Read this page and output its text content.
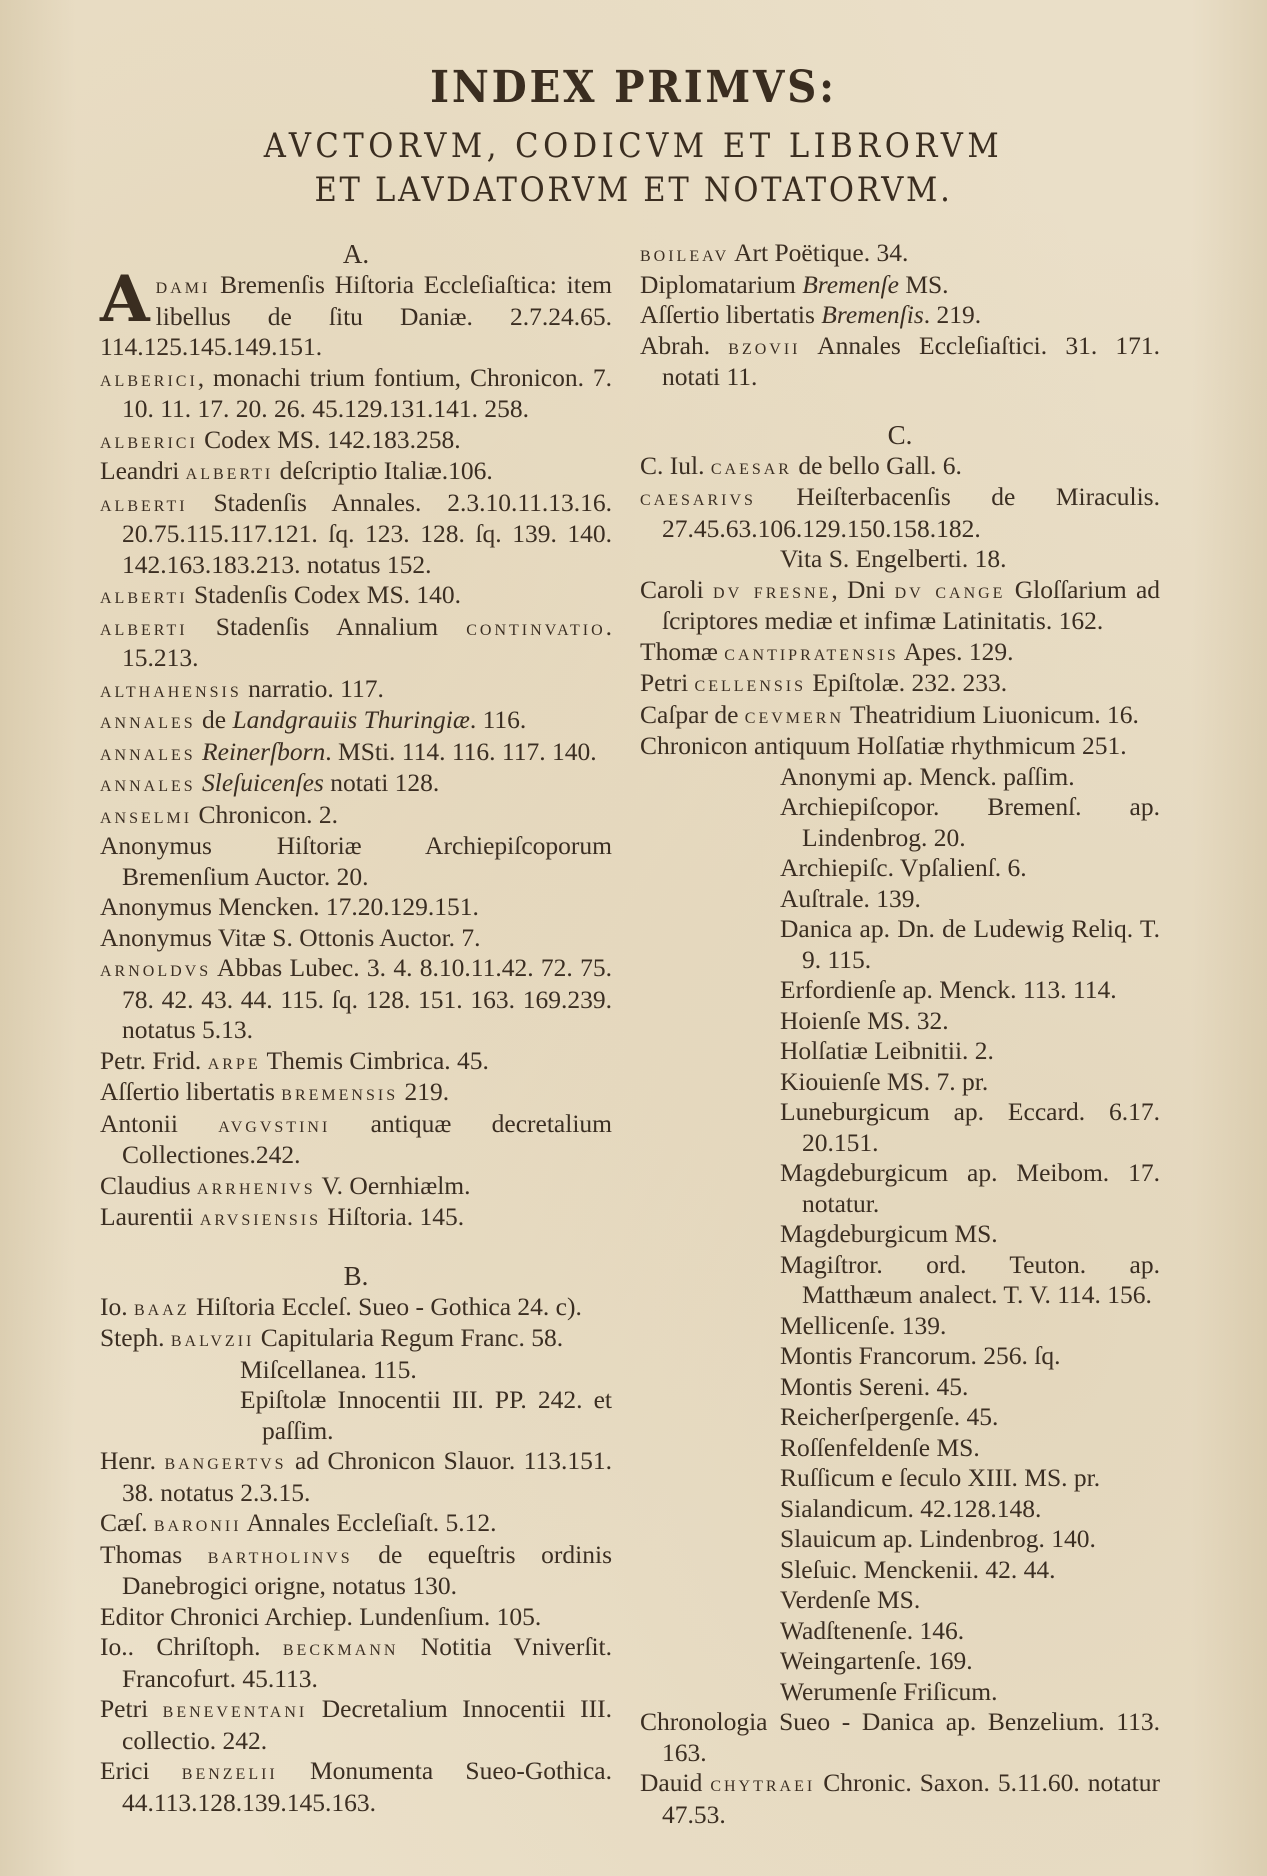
INDEX PRIMVS:
AVCTORVM, CODICVM ET LIBRORVM
ET LAVDATORVM ET NOTATORVM.
A.
Adami Bremenſis Hiſtoria Eccleſiaſtica: item libellus de ſitu Daniæ. 2.7.24.65. 114.125.145.149.151.
alberici, monachi trium fontium, Chronicon. 7. 10. 11. 17. 20. 26. 45.129.131.141. 258.
alberici Codex MS. 142.183.258.
Leandri alberti deſcriptio Italiæ.106.
alberti Stadenſis Annales. 2.3.10.11.13.16. 20.75.115.117.121. ſq. 123. 128. ſq. 139. 140. 142.163.183.213. notatus 152.
alberti Stadenſis Codex MS. 140.
alberti Stadenſis Annalium continvatio. 15.213.
althahensis narratio. 117.
annales de Landgrauiis Thuringiæ. 116.
annales Reinerſborn. MSti. 114. 116. 117. 140.
annales Sleſuicenſes notati 128.
anselmi Chronicon. 2.
Anonymus Hiſtoriæ Archiepiſcoporum Bremenſium Auctor. 20.
Anonymus Mencken. 17.20.129.151.
Anonymus Vitæ S. Ottonis Auctor. 7.
arnoldvs Abbas Lubec. 3. 4. 8.10.11.42. 72. 75. 78. 42. 43. 44. 115. ſq. 128. 151. 163. 169.239. notatus 5.13.
Petr. Frid. arpe Themis Cimbrica. 45.
Aſſertio libertatis bremensis 219.
Antonii avgvstini antiquæ decretalium Collectiones.242.
Claudius arrhenivs V. Oernhiælm.
Laurentii arvsiensis Hiſtoria. 145.
B.
Io. baaz Hiſtoria Eccleſ. Sueo - Gothica 24. c).
Steph. balvzii Capitularia Regum Franc. 58.
Miſcellanea. 115.
Epiſtolæ Innocentii III. PP. 242. et paſſim.
Henr. bangertvs ad Chronicon Slauor. 113.151. 38. notatus 2.3.15.
Cæſ. baronii Annales Eccleſiaſt. 5.12.
Thomas bartholinvs de equeſtris ordinis Danebrogici origne, notatus 130.
Editor Chronici Archiep. Lundenſium. 105.
Io.. Chriſtoph. beckmann Notitia Vniverſit. Francofurt. 45.113.
Petri beneventani Decretalium Innocentii III. collectio. 242.
Erici benzelii Monumenta Sueo-Gothica. 44.113.128.139.145.163.
boileav Art Poëtique. 34.
Diplomatarium Bremenſe MS.
Aſſertio libertatis Bremenſis. 219.
Abrah. bzovii Annales Eccleſiaſtici. 31. 171. notati 11.
C.
C. Iul. caesar de bello Gall. 6.
caesarivs Heiſterbacenſis de Miraculis. 27.45.63.106.129.150.158.182.
Vita S. Engelberti. 18.
Caroli dv fresne, Dni dv cange Gloſſarium ad ſcriptores mediæ et infimæ Latinitatis. 162.
Thomæ cantipratensis Apes. 129.
Petri cellensis Epiſtolæ. 232. 233.
Caſpar de cevmern Theatridium Liuonicum. 16.
Chronicon antiquum Holſatiæ rhythmicum 251.
Anonymi ap. Menck. paſſim.
Archiepiſcopor. Bremenſ. ap. Lindenbrog. 20.
Archiepiſc. Vpſalienſ. 6.
Auſtrale. 139.
Danica ap. Dn. de Ludewig Reliq. T. 9. 115.
Erfordienſe ap. Menck. 113. 114.
Hoienſe MS. 32.
Holſatiæ Leibnitii. 2.
Kiouienſe MS. 7. pr.
Luneburgicum ap. Eccard. 6.17. 20.151.
Magdeburgicum ap. Meibom. 17. notatur.
Magdeburgicum MS.
Magiſtror. ord. Teuton. ap. Matthæum analect. T. V. 114. 156.
Mellicenſe. 139.
Montis Francorum. 256. ſq.
Montis Sereni. 45.
Reicherſpergenſe. 45.
Roſſenfeldenſe MS.
Ruſſicum e ſeculo XIII. MS. pr.
Sialandicum. 42.128.148.
Slauicum ap. Lindenbrog. 140.
Sleſuic. Menckenii. 42. 44.
Verdenſe MS.
Wadſtenenſe. 146.
Weingartenſe. 169.
Werumenſe Friſicum.
Chronologia Sueo - Danica ap. Benzelium. 113. 163.
Dauid chytraei Chronic. Saxon. 5.11.60. notatur 47.53.
